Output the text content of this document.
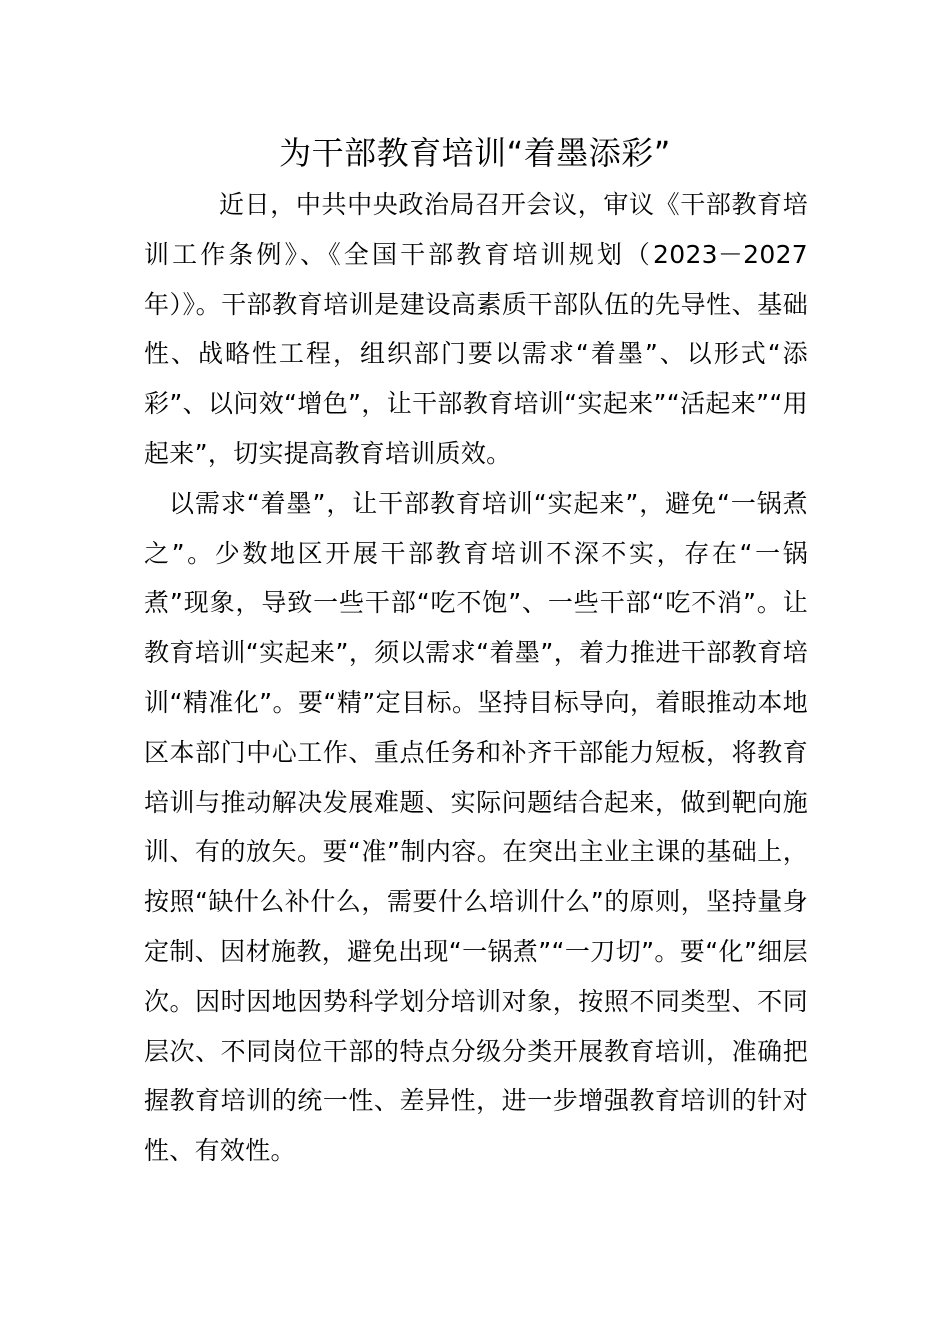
为干部教育培训“着墨添彩”

近日，中共中央政治局召开会议，审议《干部教育培训工作条例》、《全国干部教育培训规划（2023－2027年）》。干部教育培训是建设高素质干部队伍的先导性、基础性、战略性工程，组织部门要以需求“着墨”、以形式“添彩”、以问效“增色”，让干部教育培训“实起来”“活起来”“用起来”，切实提高教育培训质效。

以需求“着墨”，让干部教育培训“实起来”，避免“一锅煮之”。少数地区开展干部教育培训不深不实，存在“一锅煮”现象，导致一些干部“吃不饱”、一些干部“吃不消”。让教育培训“实起来”，须以需求“着墨”，着力推进干部教育培训“精准化”。要“精”定目标。坚持目标导向，着眼推动本地区本部门中心工作、重点任务和补齐干部能力短板，将教育培训与推动解决发展难题、实际问题结合起来，做到靶向施训、有的放矢。要“准”制内容。在突出主业主课的基础上，按照“缺什么补什么，需要什么培训什么”的原则，坚持量身定制、因材施教，避免出现“一锅煮”“一刀切”。要“化”细层次。因时因地因势科学划分培训对象，按照不同类型、不同层次、不同岗位干部的特点分级分类开展教育培训，准确把握教育培训的统一性、差异性，进一步增强教育培训的针对性、有效性。
